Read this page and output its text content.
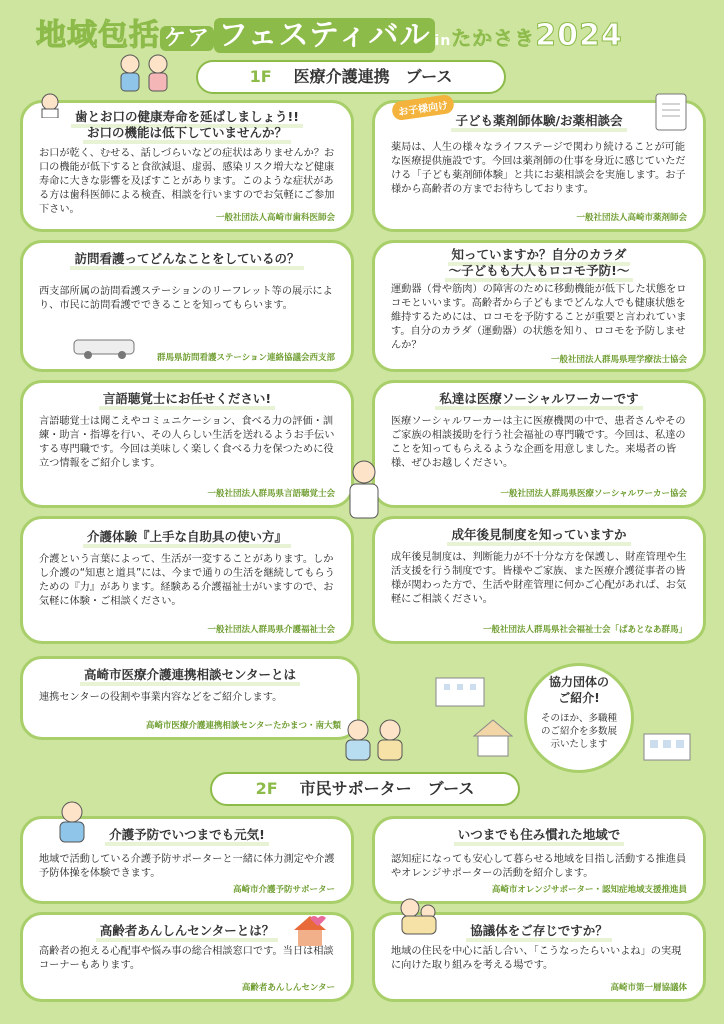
地域包括 ケア フェスティバル inたかさき2024
1F 医療介護連携　ブース
歯とお口の健康寿命を延ばしましょう!!
お口の機能は低下していませんか？

お口が乾く、むせる、話しづらいなどの症状はありませんか？お口の機能が低下すると食欲減退、虚弱、感染リスク増大など健康寿命に大きな影響を及ぼすことがあります。このような症状がある方は歯科医師による検査、相談を行いますのでお気軽にご参加下さい。

一般社団法人高崎市歯科医師会
子ども薬剤師体験/お薬相談会

薬局は、人生の様々なライフステージで関わり続けることが可能な医療提供施設です。今回は薬剤師の仕事を身近に感じていただける「子ども薬剤師体験」と共にお薬相談会を実施します。お子様から高齢者の方までお待ちしております。

一般社団法人高崎市薬剤師会
お子様向け
訪問看護ってどんなことをしているの？

西支部所属の訪問看護ステーションのリーフレット等の展示により、市民に訪問看護でできることを知ってもらいます。

群馬県訪問看護ステーション連絡協議会西支部
知っていますか？自分のカラダ
〜子どもも大人もロコモ予防!〜

運動器（骨や筋肉）の障害のために移動機能が低下した状態をロコモといいます。高齢者から子どもまでどんな人でも健康状態を維持するためには、ロコモを予防することが重要と言われています。自分のカラダ（運動器）の状態を知り、ロコモを予防しませんか？

一般社団法人群馬県理学療法士協会
言語聴覚士にお任せください!

言語聴覚士は聞こえやコミュニケーション、食べる力の評価・訓練・助言・指導を行い、その人らしい生活を送れるようお手伝いする専門職です。今回は美味しく楽しく食べる力を保つために役立つ情報をご紹介します。

一般社団法人群馬県言語聴覚士会
私達は医療ソーシャルワーカーです

医療ソーシャルワーカーは主に医療機関の中で、患者さんやそのご家族の相談援助を行う社会福祉の専門職です。今回は、私達のことを知ってもらえるような企画を用意しました。来場者の皆様、ぜひお越しください。

一般社団法人群馬県医療ソーシャルワーカー協会
介護体験『上手な自助具の使い方』

介護という言葉によって、生活が一変することがあります。しかし介護の“知恵と道具”には、今まで通りの生活を継続してもらうための『力』があります。経験ある介護福祉士がいますので、お気軽に体験・ご相談ください。

一般社団法人群馬県介護福祉士会
成年後見制度を知っていますか

成年後見制度は、判断能力が不十分な方を保護し、財産管理や生活支援を行う制度です。皆様やご家族、また医療介護従事者の皆様が関わった方で、生活や財産管理に何かご心配があれば、お気軽にご相談ください。

一般社団法人群馬県社会福祉士会「ぱあとなあ群馬」
高崎市医療介護連携相談センターとは

連携センターの役割や事業内容などをご紹介します。

高崎市医療介護連携相談センターたかまつ・南大類
協力団体の
ご紹介!
そのほか、多職種のご紹介を多数展示いたします
2F 市民サポーター　ブース
介護予防でいつまでも元気!

地域で活動している介護予防サポーターと一緒に体力測定や介護予防体操を体験できます。

高崎市介護予防サポーター
いつまでも住み慣れた地域で

認知症になっても安心して暮らせる地域を目指し活動する推進員やオレンジサポーターの活動を紹介します。

高崎市オレンジサポーター・認知症地域支援推進員
高齢者あんしんセンターとは？

高齢者の抱える心配事や悩み事の総合相談窓口です。当日は相談コーナーもあります。

高齢者あんしんセンター
協議体をご存じですか？

地域の住民を中心に話し合い、「こうなったらいいよね」の実現に向けた取り組みを考える場です。

高崎市第一層協議体
